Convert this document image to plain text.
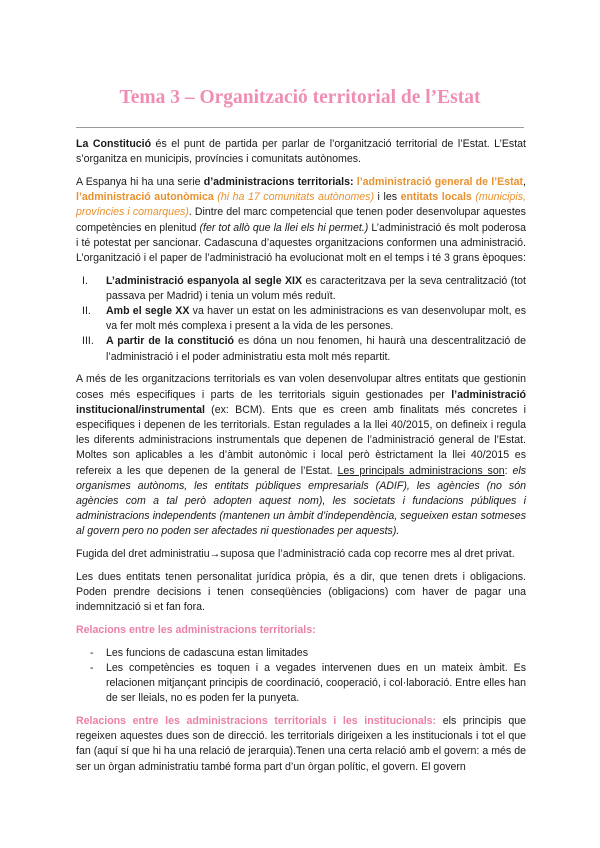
Tema 3 – Organització territorial de l’Estat

La Constitució és el punt de partida per parlar de l’organització territorial de l’Estat. L’Estat s’organitza en municipis, províncies i comunitats autònomes.

A Espanya hi ha una serie d’administracions territorials: l’administració general de l’Estat, l’administració autonòmica (hi ha 17 comunitats autònomes) i les entitats locals (municipis, províncies i comarques). Dintre del marc competencial que tenen poder desenvolupar aquestes competències en plenitud (fer tot allò que la llei els hi permet.) L’administració és molt poderosa i té potestat per sancionar. Cadascuna d’aquestes organitzacions conformen una administració. L’organització i el paper de l’administració ha evolucionat molt en el temps i té 3 grans èpoques:

I.	L’administració espanyola al segle XIX es caracteritzava per la seva centralització (tot passava per Madrid) i tenia un volum més reduït.
II.	Amb el segle XX va haver un estat on les administracions es van desenvolupar molt, es va fer molt més complexa i present a la vida de les persones.
III.	A partir de la constitució es dóna un nou fenomen, hi haurà una descentralització de l’administració i el poder administratiu esta molt més repartit.

A més de les organitzacions territorials es van volen desenvolupar altres entitats que gestionin coses més especifiques i parts de les territorials siguin gestionades per l’administració institucional/instrumental (ex: BCM). Ents que es creen amb finalitats més concretes i especifiques i depenen de les territorials. Estan regulades a la llei 40/2015, on defineix i regula les diferents administracions instrumentals que depenen de l’administració general de l’Estat. Moltes son aplicables a les d’àmbit autonòmic i local però èstrictament la llei 40/2015 es refereix a les que depenen de la general de l’Estat. Les principals administracions son: els organismes autònoms, les entitats públiques empresarials (ADIF), les agències (no són agències com a tal però adopten aquest nom), les societats i fundacions públiques i administracions independents (mantenen un àmbit d’independència, segueixen estan sotmeses al govern pero no poden ser afectades ni questionades per aquests).

Fugida del dret administratiu→suposa que l’administració cada cop recorre mes al dret privat.

Les dues entitats tenen personalitat jurídica pròpia, és a dir, que tenen drets i obligacions. Poden prendre decisions i tenen conseqüències (obligacions) com haver de pagar una indemnització si et fan fora.

Relacions entre les administracions territorials:

-	Les funcions de cadascuna estan limitades
-	Les competències es toquen i a vegades intervenen dues en un mateix àmbit. Es relacionen mitjançant principis de coordinació, cooperació, i col·laboració. Entre elles han de ser lleials, no es poden fer la punyeta.

Relacions entre les administracions territorials i les institucionals: els principis que regeixen aquestes dues son de direcció. les territorials dirigeixen a les institucionals i tot el que fan (aquí sí que hi ha una relació de jerarquia).Tenen una certa relació amb el govern: a més de ser un òrgan administratiu també forma part d’un òrgan polític, el govern. El govern
